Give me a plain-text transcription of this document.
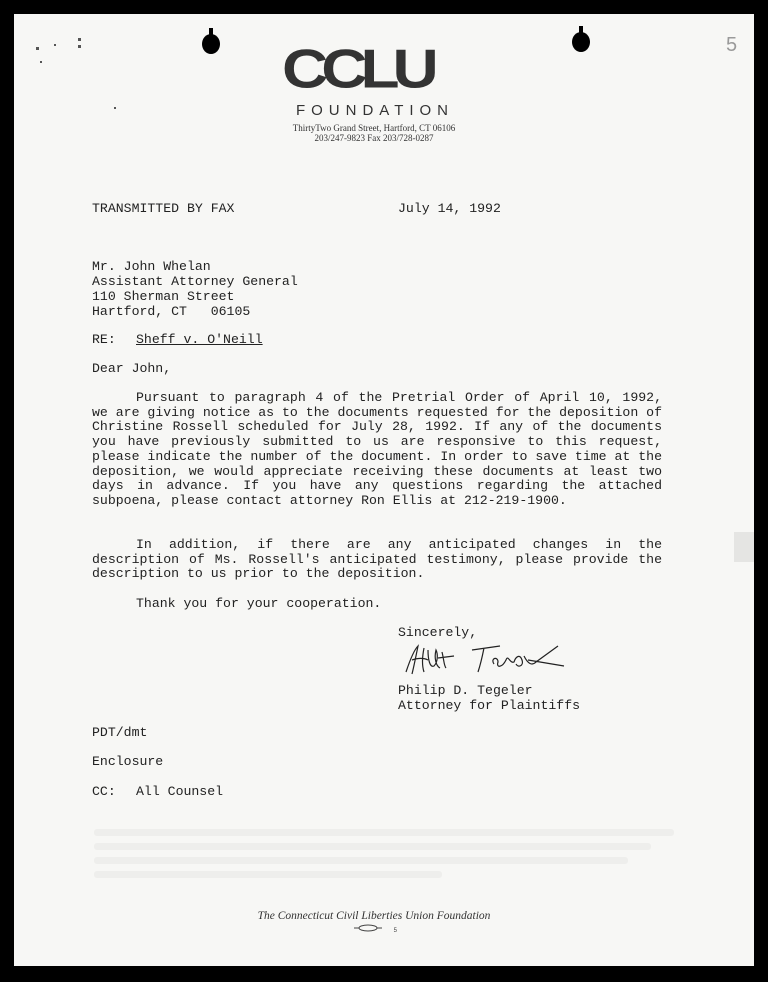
5
CCLU
FOUNDATION
ThirtyTwo Grand Street, Hartford, CT 06106
203/247-9823 Fax 203/728-0287
TRANSMITTED BY FAX	July 14, 1992
Mr. John Whelan
Assistant Attorney General
110 Sherman Street
Hartford, CT   06105
RE: Sheff v. O'Neill
Dear John,
Pursuant to paragraph 4 of the Pretrial Order of April 10, 1992, we are giving notice as to the documents requested for the deposition of Christine Rossell scheduled for July 28, 1992. If any of the documents you have previously submitted to us are responsive to this request, please indicate the number of the document. In order to save time at the deposition, we would appreciate receiving these documents at least two days in advance. If you have any questions regarding the attached subpoena, please contact attorney Ron Ellis at 212-219-1900.
In addition, if there are any anticipated changes in the description of Ms. Rossell's anticipated testimony, please provide the description to us prior to the deposition.
Thank you for your cooperation.
Sincerely,
Philip D. Tegeler
Attorney for Plaintiffs
PDT/dmt
Enclosure
CC: All Counsel
The Connecticut Civil Liberties Union Foundation
5
